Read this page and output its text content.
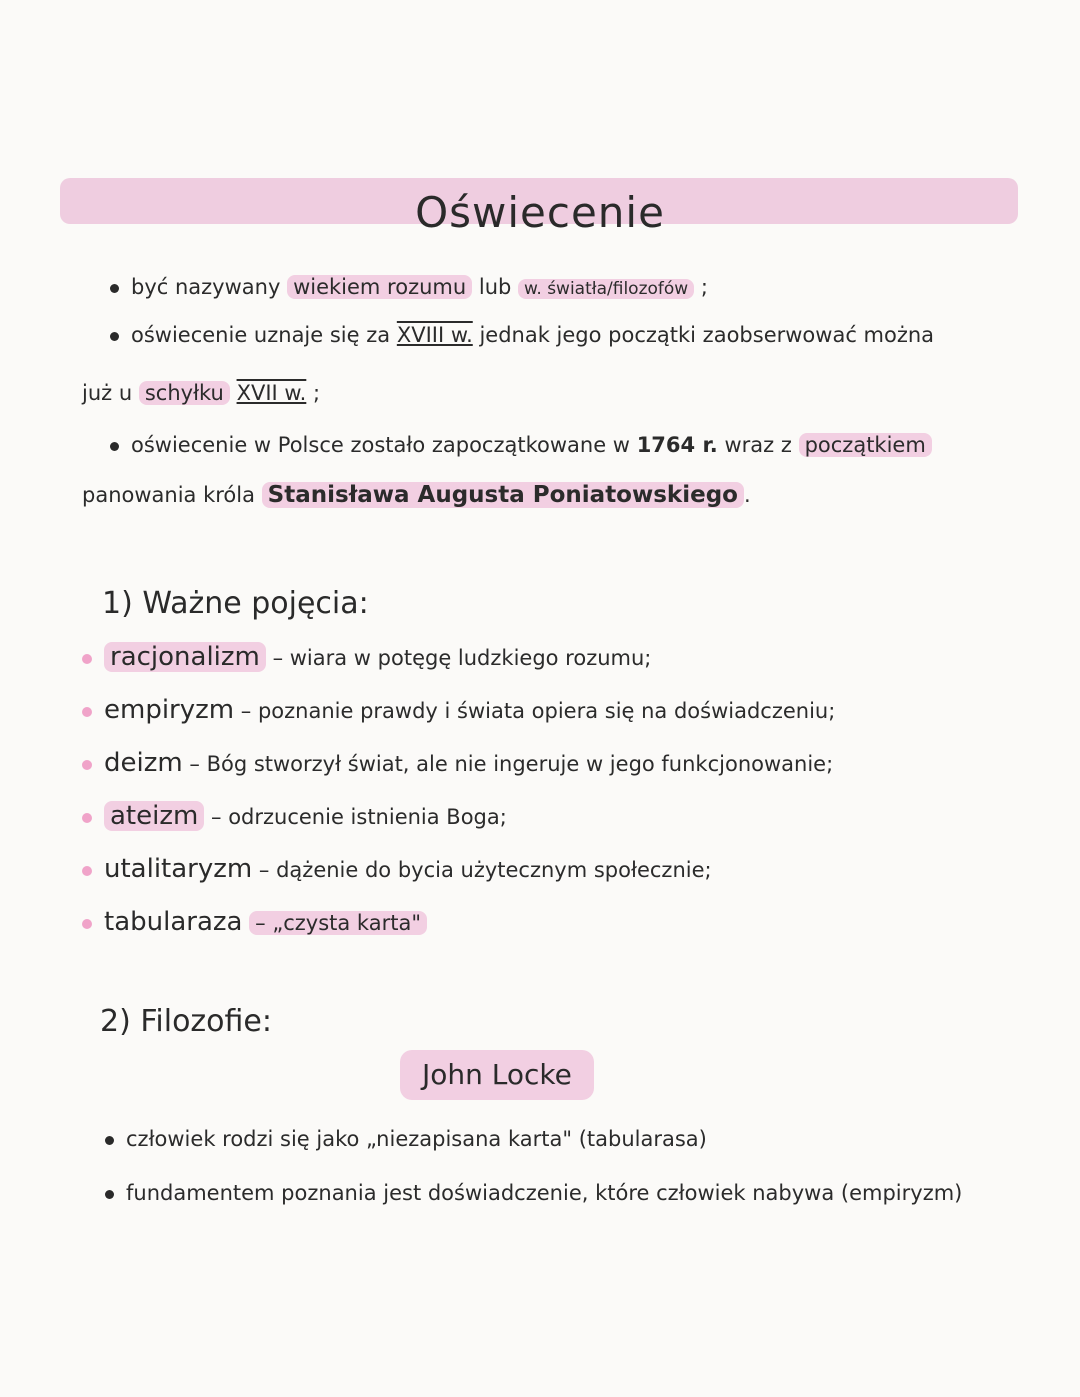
Oświecenie
być nazywany wiekiem rozumu lub w. światła/filozofów ;
oświecenie uznaje się za XVIII w. jednak jego początki zaobserwować można
już u schyłku XVII w. ;
oświecenie w Polsce zostało zapoczątkowane w 1764 r. wraz z początkiem
panowania króla Stanisława Augusta Poniatowskiego .
1) Ważne pojęcia:
racjonalizm – wiara w potęgę ludzkiego rozumu;
empiryzm – poznanie prawdy i świata opiera się na doświadczeniu;
deizm – Bóg stworzył świat, ale nie ingeruje w jego funkcjonowanie;
ateizm – odrzucenie istnienia Boga;
utalitaryzm – dążenie do bycia użytecznym społecznie;
tabularaza – „czysta karta"
2) Filozofie:
John Locke
człowiek rodzi się jako „niezapisana karta" (tabularasa)
fundamentem poznania jest doświadczenie, które człowiek nabywa (empiryzm)
